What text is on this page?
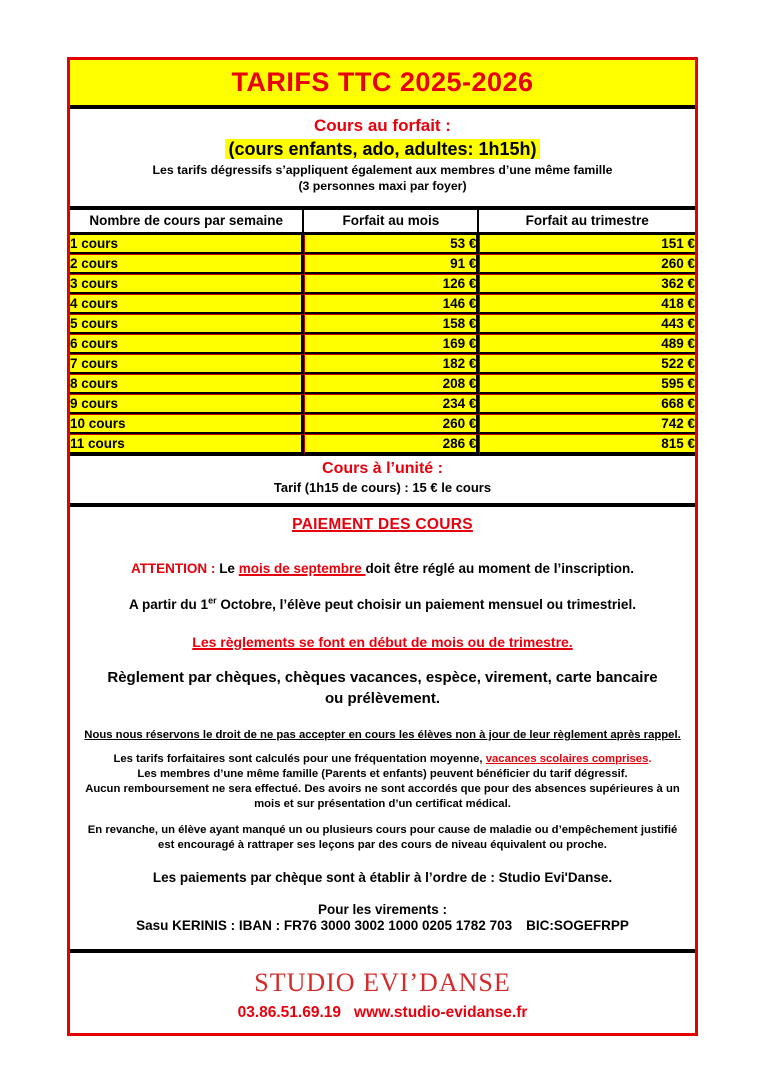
TARIFS TTC 2025-2026
Cours au forfait :
(cours enfants, ado, adultes: 1h15h)
Les tarifs dégressifs s’appliquent également aux membres d’une même famille
(3 personnes maxi par foyer)
Nombre de cours par semaine	Forfait au mois	Forfait au trimestre
1 cours	53 €	151 €
2 cours	91 €	260 €
3 cours	126 €	362 €
4 cours	146 €	418 €
5 cours	158 €	443 €
6 cours	169 €	489 €
7 cours	182 €	522 €
8 cours	208 €	595 €
9 cours	234 €	668 €
10 cours	260 €	742 €
11 cours	286 €	815 €
Cours à l’unité :
Tarif (1h15 de cours) : 15 € le cours
PAIEMENT DES COURS
ATTENTION : Le mois de septembre doit être réglé au moment de l’inscription.
A partir du 1er Octobre, l’élève peut choisir un paiement mensuel ou trimestriel.
Les règlements se font en début de mois ou de trimestre.
Règlement par chèques, chèques vacances, espèce, virement, carte bancaire ou prélèvement.
Nous nous réservons le droit de ne pas accepter en cours les élèves non à jour de leur règlement après rappel.
Les tarifs forfaitaires sont calculés pour une fréquentation moyenne, vacances scolaires comprises.
Les membres d’une même famille (Parents et enfants) peuvent bénéficier du tarif dégressif.
Aucun remboursement ne sera effectué. Des avoirs ne sont accordés que pour des absences supérieures à un mois et sur présentation d’un certificat médical.
En revanche, un élève ayant manqué un ou plusieurs cours pour cause de maladie ou d’empêchement justifié est encouragé à rattraper ses leçons par des cours de niveau équivalent ou proche.
Les paiements par chèque sont à établir à l’ordre de : Studio Evi'Danse.
Pour les virements :
Sasu KERINIS : IBAN : FR76 3000 3002 1000 0205 1782 703 BIC:SOGEFRPP
STUDIO EVI’DANSE
03.86.51.69.19 www.studio-evidanse.fr
